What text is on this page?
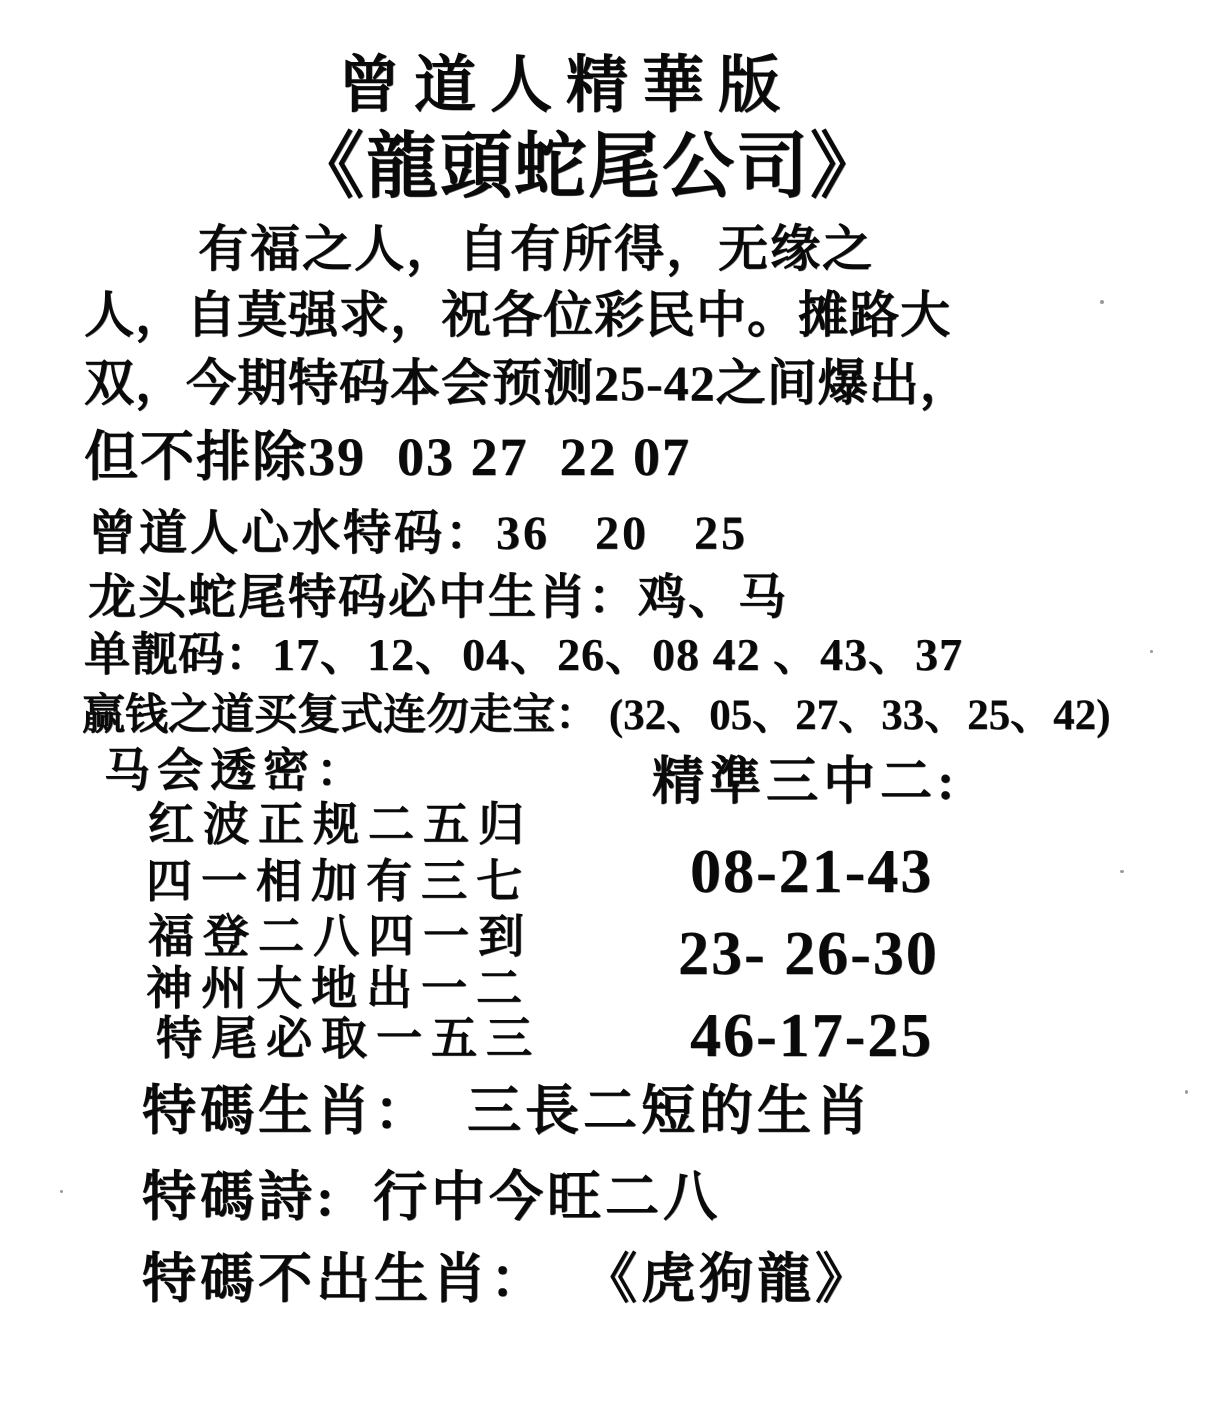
曾道人精華版
《龍頭蛇尾公司》
有福之人，自有所得，无缘之
人，自莫强求，祝各位彩民中。摊路大
双，今期特码本会预测25-42之间爆出，
但不排除39  03 27  22 07
曾道人心水特码：36   20   25
龙头蛇尾特码必中生肖：鸡、马
单靓码：17、12、04、26、08 42 、43、37
赢钱之道买复式连勿走宝： (32、05、27、33、25、42)
马会透密：
红波正规二五归
四一相加有三七
福登二八四一到
神州大地出一二
特尾必取一五三
精準三中二:
08-21-43
23- 26-30
46-17-25
特碼生肖：  三長二短的生肖
特碼詩:  行中今旺二八
特碼不出生肖：  《虎狗龍》
